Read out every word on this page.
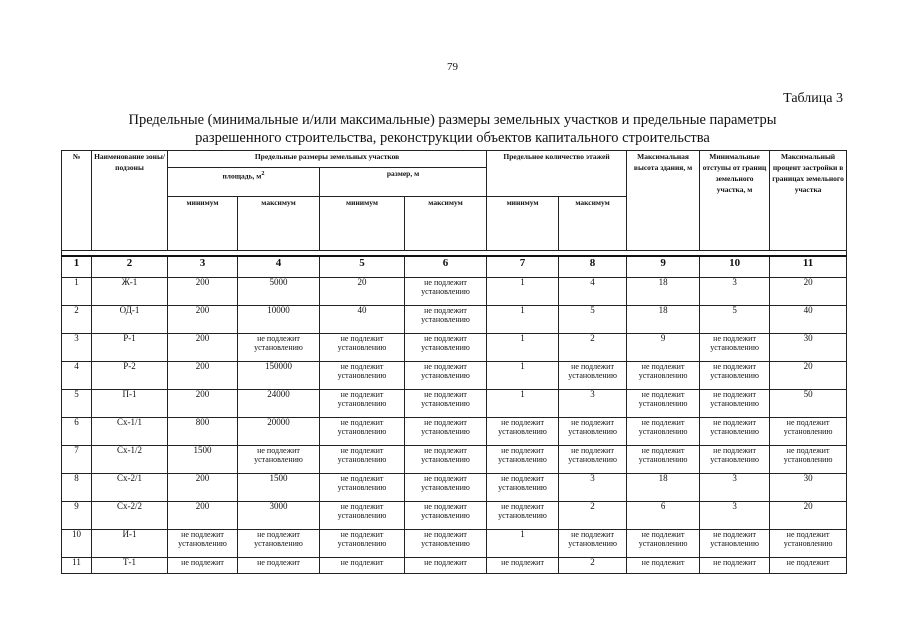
79
Таблица 3
Предельные (минимальные и/или максимальные) размеры земельных участков и предельные параметры
разрешенного строительства, реконструкции объектов капитального строительства
№	Наименование зоны/подзоны	Предельные размеры земельных участков				Предельное количество этажей		Максимальная высота здания, м	Минимальные отступы от границ земельного участка, м	Максимальный процент застройки в границах земельного участка
		площадь, $м^2$		размер, м						
		минимум	максимум	минимум	максимум	минимум	максимум			

1	2	3	4	5	6	7	8	9	10	11
1	Ж-1	200	5000	20	не подлежит установлению	1	4	18	3	20
2	ОД-1	200	10000	40	не подлежит установлению	1	5	18	5	40
3	Р-1	200	не подлежит установлению	не подлежит установлению	не подлежит установлению	1	2	9	не подлежит установлению	30
4	Р-2	200	150000	не подлежит установлению	не подлежит установлению	1	не подлежит установлению	не подлежит установлению	не подлежит установлению	20
5	П-1	200	24000	не подлежит установлению	не подлежит установлению	1	3	не подлежит установлению	не подлежит установлению	50
6	Сх-1/1	800	20000	не подлежит установлению	не подлежит установлению	не подлежит установлению	не подлежит установлению	не подлежит установлению	не подлежит установлению	не подлежит установлению
7	Сх-1/2	1500	не подлежит установлению	не подлежит установлению	не подлежит установлению	не подлежит установлению	не подлежит установлению	не подлежит установлению	не подлежит установлению	не подлежит установлению
8	Сх-2/1	200	1500	не подлежит установлению	не подлежит установлению	не подлежит установлению	3	18	3	30
9	Сх-2/2	200	3000	не подлежит установлению	не подлежит установлению	не подлежит установлению	2	6	3	20
10	И-1	не подлежит установлению	не подлежит установлению	не подлежит установлению	не подлежит установлению	1	не подлежит установлению	не подлежит установлению	не подлежит установлению	не подлежит установлению
11	Т-1	не подлежит	не подлежит	не подлежит	не подлежит	не подлежит	2	не подлежит	не подлежит	не подлежит
